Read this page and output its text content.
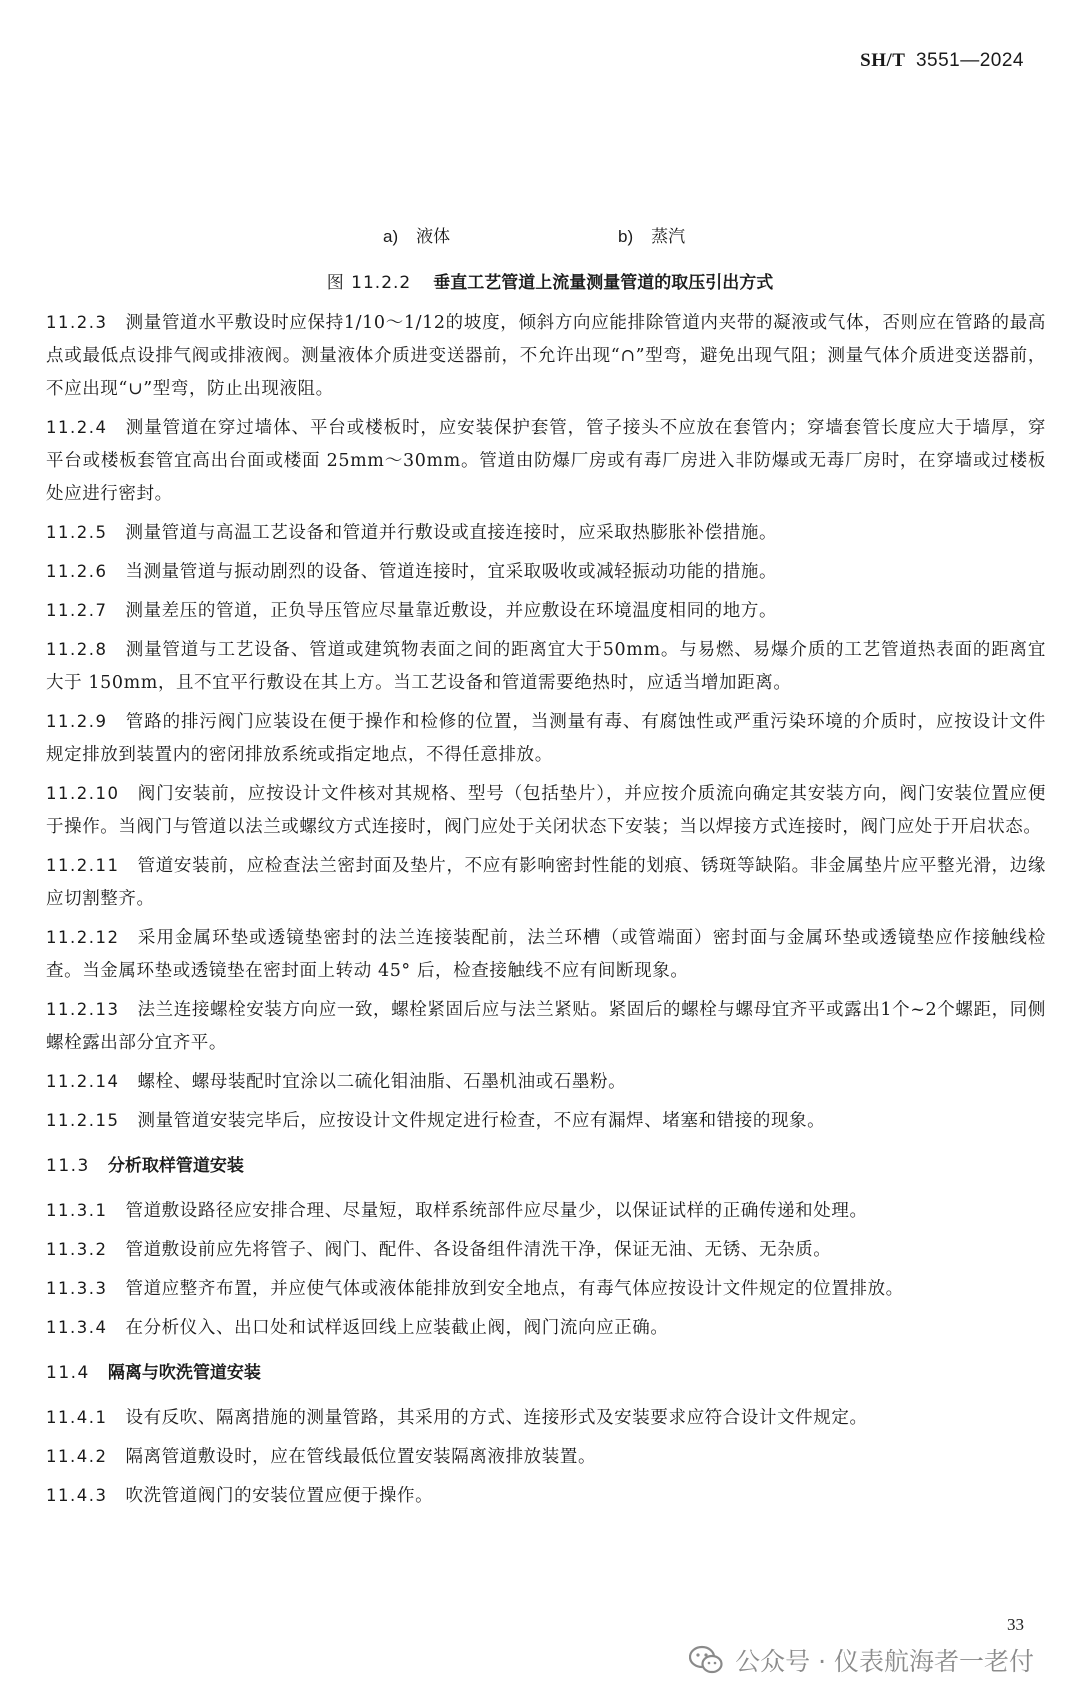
SH/T 3551—2024
a) 液体	b) 蒸汽
图 11.2.2 垂直工艺管道上流量测量管道的取压引出方式

11.2.3 测量管道水平敷设时应保持1/10～1/12的坡度，倾斜方向应能排除管道内夹带的凝液或气体，否则应在管路的最高点或最低点设排气阀或排液阀。测量液体介质进变送器前，不允许出现“∩”型弯，避免出现气阻；测量气体介质进变送器前，不应出现“∪”型弯，防止出现液阻。

11.2.4 测量管道在穿过墙体、平台或楼板时，应安装保护套管，管子接头不应放在套管内；穿墙套管长度应大于墙厚，穿平台或楼板套管宜高出台面或楼面 25mm～30mm。管道由防爆厂房或有毒厂房进入非防爆或无毒厂房时，在穿墙或过楼板处应进行密封。

11.2.5 测量管道与高温工艺设备和管道并行敷设或直接连接时，应采取热膨胀补偿措施。

11.2.6 当测量管道与振动剧烈的设备、管道连接时，宜采取吸收或减轻振动功能的措施。

11.2.7 测量差压的管道，正负导压管应尽量靠近敷设，并应敷设在环境温度相同的地方。

11.2.8 测量管道与工艺设备、管道或建筑物表面之间的距离宜大于50mm。与易燃、易爆介质的工艺管道热表面的距离宜大于 150mm，且不宜平行敷设在其上方。当工艺设备和管道需要绝热时，应适当增加距离。

11.2.9 管路的排污阀门应装设在便于操作和检修的位置，当测量有毒、有腐蚀性或严重污染环境的介质时，应按设计文件规定排放到装置内的密闭排放系统或指定地点，不得任意排放。

11.2.10 阀门安装前，应按设计文件核对其规格、型号（包括垫片），并应按介质流向确定其安装方向，阀门安装位置应便于操作。当阀门与管道以法兰或螺纹方式连接时，阀门应处于关闭状态下安装；当以焊接方式连接时，阀门应处于开启状态。

11.2.11 管道安装前，应检查法兰密封面及垫片，不应有影响密封性能的划痕、锈斑等缺陷。非金属垫片应平整光滑，边缘应切割整齐。

11.2.12 采用金属环垫或透镜垫密封的法兰连接装配前，法兰环槽（或管端面）密封面与金属环垫或透镜垫应作接触线检查。当金属环垫或透镜垫在密封面上转动 45° 后，检查接触线不应有间断现象。

11.2.13 法兰连接螺栓安装方向应一致，螺栓紧固后应与法兰紧贴。紧固后的螺栓与螺母宜齐平或露出1个~2个螺距，同侧螺栓露出部分宜齐平。

11.2.14 螺栓、螺母装配时宜涂以二硫化钼油脂、石墨机油或石墨粉。

11.2.15 测量管道安装完毕后，应按设计文件规定进行检查，不应有漏焊、堵塞和错接的现象。

11.3 分析取样管道安装

11.3.1 管道敷设路径应安排合理、尽量短，取样系统部件应尽量少，以保证试样的正确传递和处理。

11.3.2 管道敷设前应先将管子、阀门、配件、各设备组件清洗干净，保证无油、无锈、无杂质。

11.3.3 管道应整齐布置，并应使气体或液体能排放到安全地点，有毒气体应按设计文件规定的位置排放。

11.3.4 在分析仪入、出口处和试样返回线上应装截止阀，阀门流向应正确。

11.4 隔离与吹洗管道安装

11.4.1 设有反吹、隔离措施的测量管路，其采用的方式、连接形式及安装要求应符合设计文件规定。

11.4.2 隔离管道敷设时，应在管线最低位置安装隔离液排放装置。

11.4.3 吹洗管道阀门的安装位置应便于操作。

33
公众号 · 仪表航海者一老付
